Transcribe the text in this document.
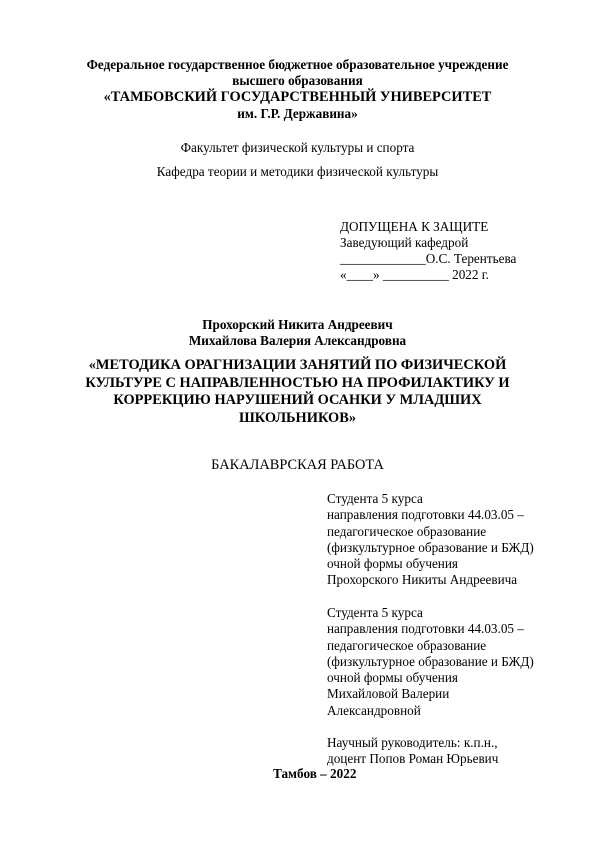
Федеральное государственное бюджетное образовательное учреждение
высшего образования
«ТАМБОВСКИЙ ГОСУДАРСТВЕННЫЙ УНИВЕРСИТЕТ
им. Г.Р. Державина»
Факультет физической культуры и спорта
Кафедра теории и методики физической культуры
ДОПУЩЕНА К ЗАЩИТЕ
Заведующий кафедрой
_____________О.С. Терентьева
«____» __________ 2022 г.
Прохорский Никита Андреевич
Михайлова Валерия Александровна
«МЕТОДИКА ОРАГНИЗАЦИИ ЗАНЯТИЙ ПО ФИЗИЧЕСКОЙ
КУЛЬТУРЕ С НАПРАВЛЕННОСТЬЮ НА ПРОФИЛАКТИКУ И
КОРРЕКЦИЮ НАРУШЕНИЙ ОСАНКИ У МЛАДШИХ
ШКОЛЬНИКОВ»
БАКАЛАВРСКАЯ РАБОТА
Студента 5 курса
направления подготовки 44.03.05 –
педагогическое образование
(физкультурное образование и БЖД)
очной формы обучения
Прохорского Никиты Андреевича
Студента 5 курса
направления подготовки 44.03.05 –
педагогическое образование
(физкультурное образование и БЖД)
очной формы обучения
Михайловой Валерии
Александровной
Научный руководитель: к.п.н.,
доцент Попов Роман Юрьевич
Тамбов – 2022
